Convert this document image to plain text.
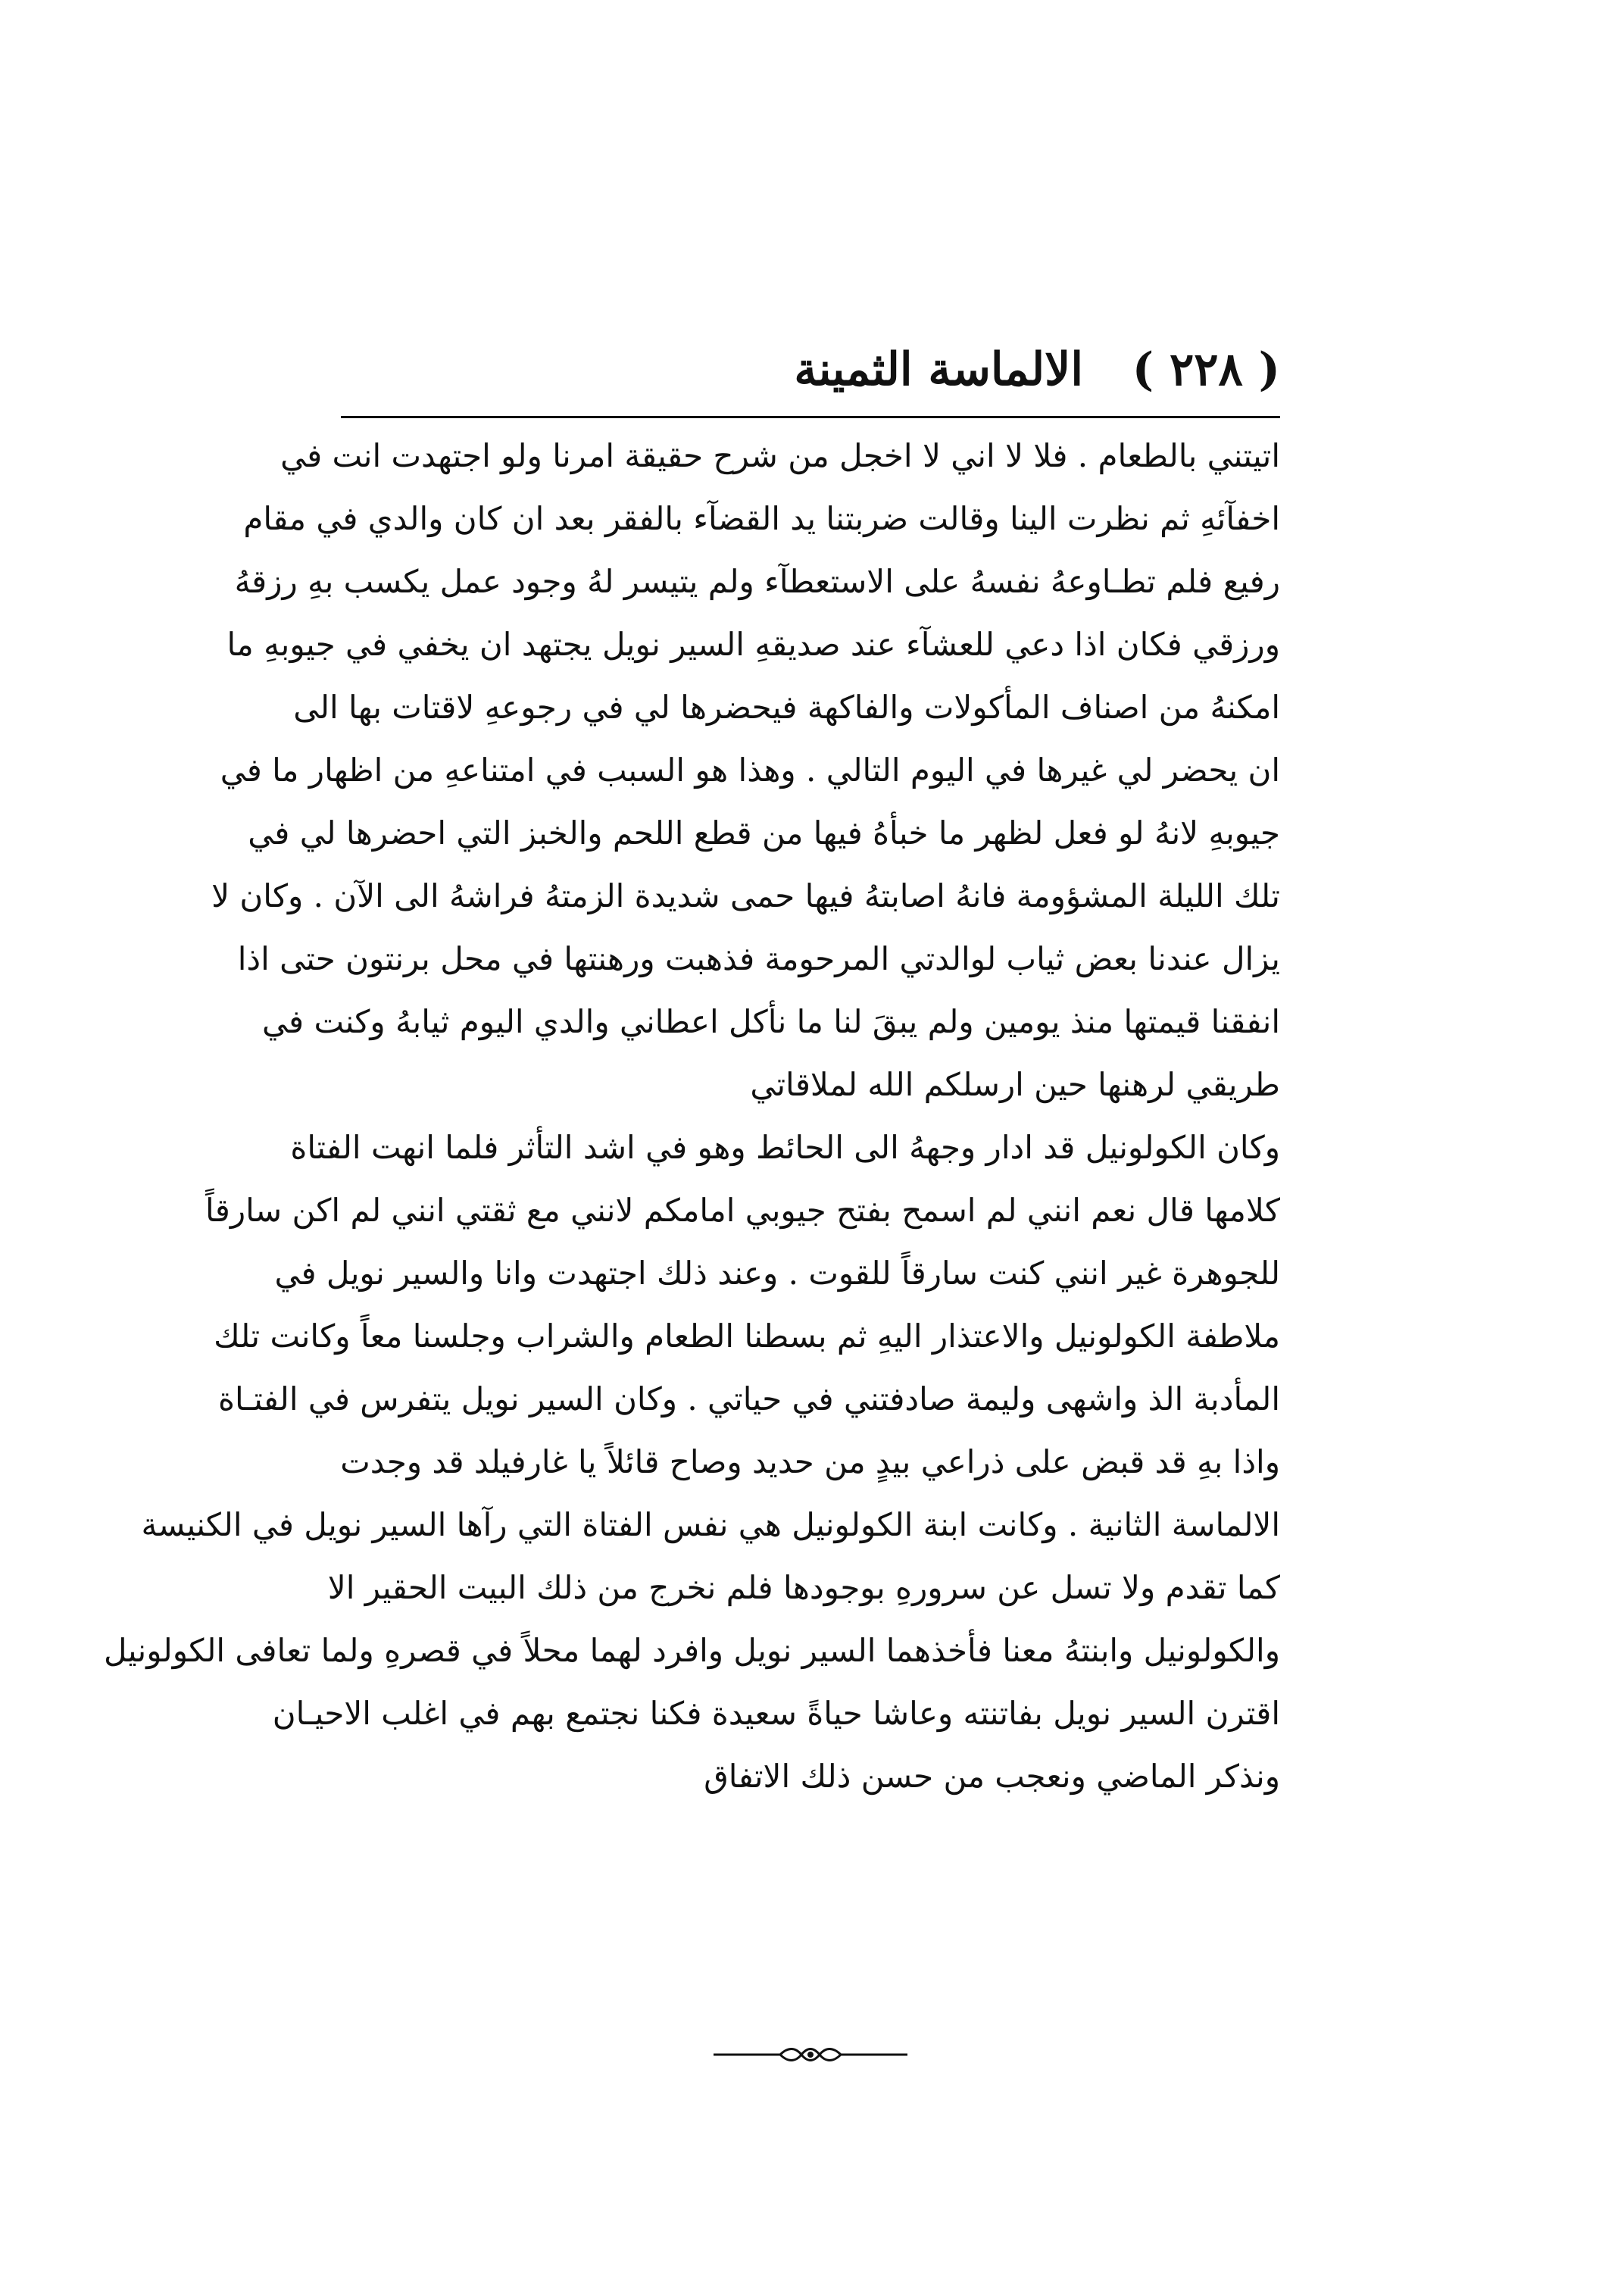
( ٢٢٨ )
الالماسة الثمينة
اتيتني بالطعام . فلا لا اني لا اخجل من شرح حقيقة امرنا ولو اجتهدت انت في
اخفآئهِ ثم نظرت الينا وقالت ضربتنا يد القضآء بالفقر بعد ان كان والدي في مقام
رفيع فلم تطـاوعهُ نفسهُ على الاستعطآء ولم يتيسر لهُ وجود عمل يكسب بهِ رزقهُ
ورزقي فكان اذا دعي للعشآء عند صديقهِ السير نويل يجتهد ان يخفي في جيوبهِ ما
امكنهُ من اصناف المأكولات والفاكهة فيحضرها لي في رجوعهِ لاقتات بها الى
ان يحضر لي غيرها في اليوم التالي . وهذا هو السبب في امتناعهِ من اظهار ما في
جيوبهِ لانهُ لو فعل لظهر ما خبأهُ فيها من قطع اللحم والخبز التي احضرها لي في
تلك الليلة المشؤومة فانهُ اصابتهُ فيها حمى شديدة الزمتهُ فراشهُ الى الآن . وكان لا
يزال عندنا بعض ثياب لوالدتي المرحومة فذهبت ورهنتها في محل برنتون حتى اذا
انفقنا قيمتها منذ يومين ولم يبقَ لنا ما نأكل اعطاني والدي اليوم ثيابهُ وكنت في
طريقي لرهنها حين ارسلكم الله لملاقاتي
وكان الكولونيل قد ادار وجههُ الى الحائط وهو في اشد التأثر فلما انهت الفتاة
كلامها قال نعم انني لم اسمح بفتح جيوبي امامكم لانني مع ثقتي انني لم اكن سارقاً
للجوهرة غير انني كنت سارقاً للقوت . وعند ذلك اجتهدت وانا والسير نويل في
ملاطفة الكولونيل والاعتذار اليهِ ثم بسطنا الطعام والشراب وجلسنا معاً وكانت تلك
المأدبة الذ واشهى وليمة صادفتني في حياتي . وكان السير نويل يتفرس في الفتـاة
واذا بهِ قد قبض على ذراعي بيدٍ من حديد وصاح قائلاً يا غارفيلد قد وجدت
الالماسة الثانية . وكانت ابنة الكولونيل هي نفس الفتاة التي رآها السير نويل في الكنيسة
كما تقدم ولا تسل عن سرورهِ بوجودها فلم نخرج من ذلك البيت الحقير الا
والكولونيل وابنتهُ معنا فأخذهما السير نويل وافرد لهما محلاً في قصرهِ ولما تعافى الكولونيل
اقترن السير نويل بفاتنته وعاشا حياةً سعيدة فكنا نجتمع بهم في اغلب الاحيـان
ونذكر الماضي ونعجب من حسن ذلك الاتفاق
